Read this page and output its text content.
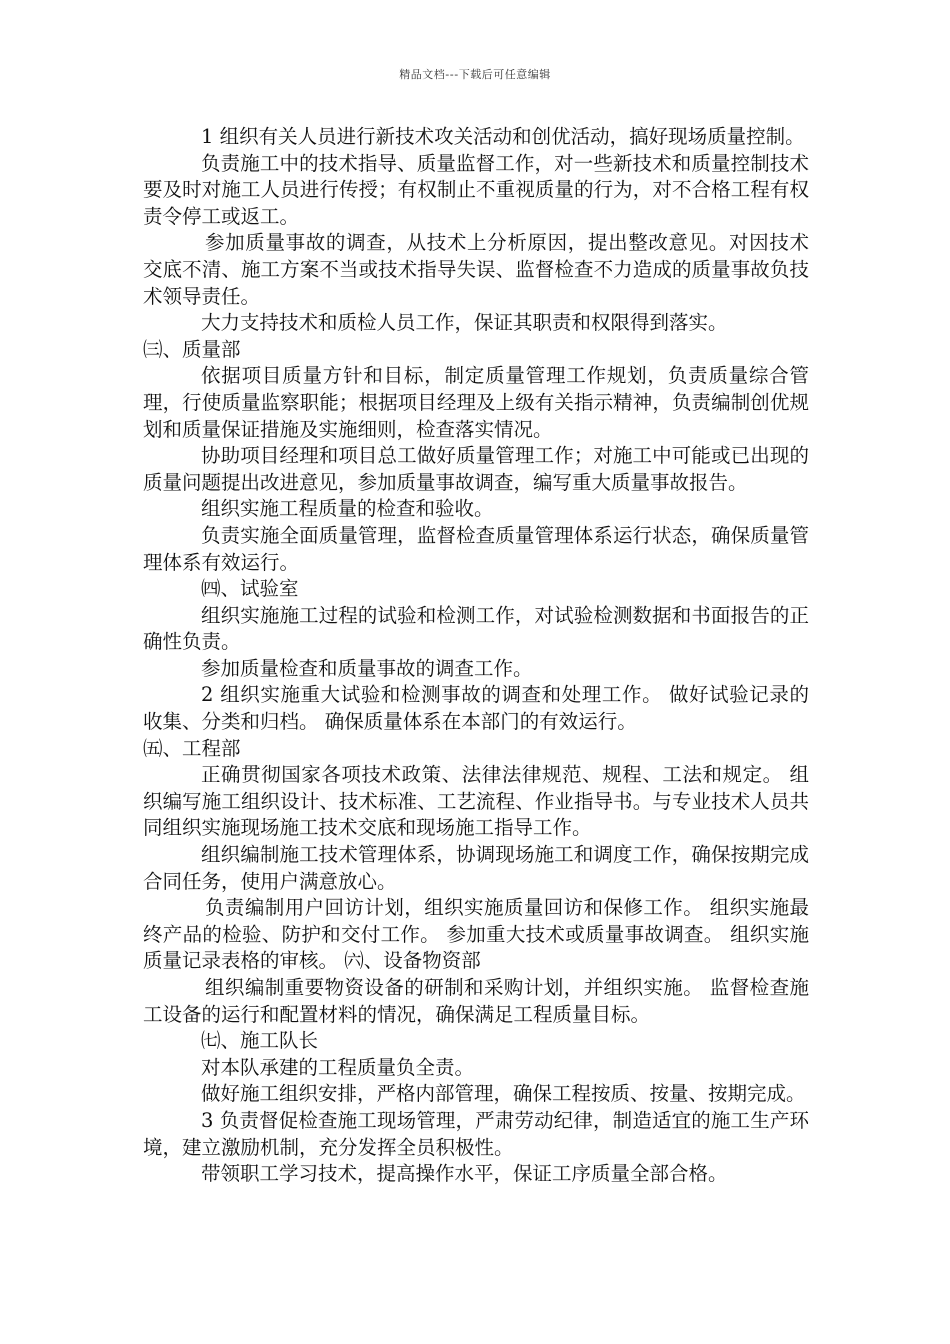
精品文档---下载后可任意编辑

1 组织有关人员进行新技术攻关活动和创优活动，搞好现场质量控制。

负责施工中的技术指导、质量监督工作，对一些新技术和质量控制技术要及时对施工人员进行传授；有权制止不重视质量的行为，对不合格工程有权责令停工或返工。

参加质量事故的调查，从技术上分析原因，提出整改意见。对因技术交底不清、施工方案不当或技术指导失误、监督检查不力造成的质量事故负技术领导责任。

大力支持技术和质检人员工作，保证其职责和权限得到落实。

㈢、质量部

依据项目质量方针和目标，制定质量管理工作规划，负责质量综合管理，行使质量监察职能；根据项目经理及上级有关指示精神，负责编制创优规划和质量保证措施及实施细则，检查落实情况。

协助项目经理和项目总工做好质量管理工作；对施工中可能或已出现的质量问题提出改进意见，参加质量事故调查，编写重大质量事故报告。

组织实施工程质量的检查和验收。

负责实施全面质量管理，监督检查质量管理体系运行状态，确保质量管理体系有效运行。

㈣、试验室

组织实施施工过程的试验和检测工作，对试验检测数据和书面报告的正确性负责。

参加质量检查和质量事故的调查工作。

2 组织实施重大试验和检测事故的调查和处理工作。 做好试验记录的收集、分类和归档。 确保质量体系在本部门的有效运行。

㈤、工程部

正确贯彻国家各项技术政策、法律法律规范、规程、工法和规定。 组织编写施工组织设计、技术标准、工艺流程、作业指导书。与专业技术人员共同组织实施现场施工技术交底和现场施工指导工作。

组织编制施工技术管理体系，协调现场施工和调度工作，确保按期完成合同任务，使用户满意放心。

负责编制用户回访计划，组织实施质量回访和保修工作。 组织实施最终产品的检验、防护和交付工作。 参加重大技术或质量事故调查。 组织实施质量记录表格的审核。 ㈥、设备物资部

组织编制重要物资设备的研制和采购计划，并组织实施。 监督检查施工设备的运行和配置材料的情况，确保满足工程质量目标。

㈦、施工队长

对本队承建的工程质量负全责。

做好施工组织安排，严格内部管理，确保工程按质、按量、按期完成。

3 负责督促检查施工现场管理，严肃劳动纪律，制造适宜的施工生产环境，建立激励机制，充分发挥全员积极性。

带领职工学习技术，提高操作水平，保证工序质量全部合格。
